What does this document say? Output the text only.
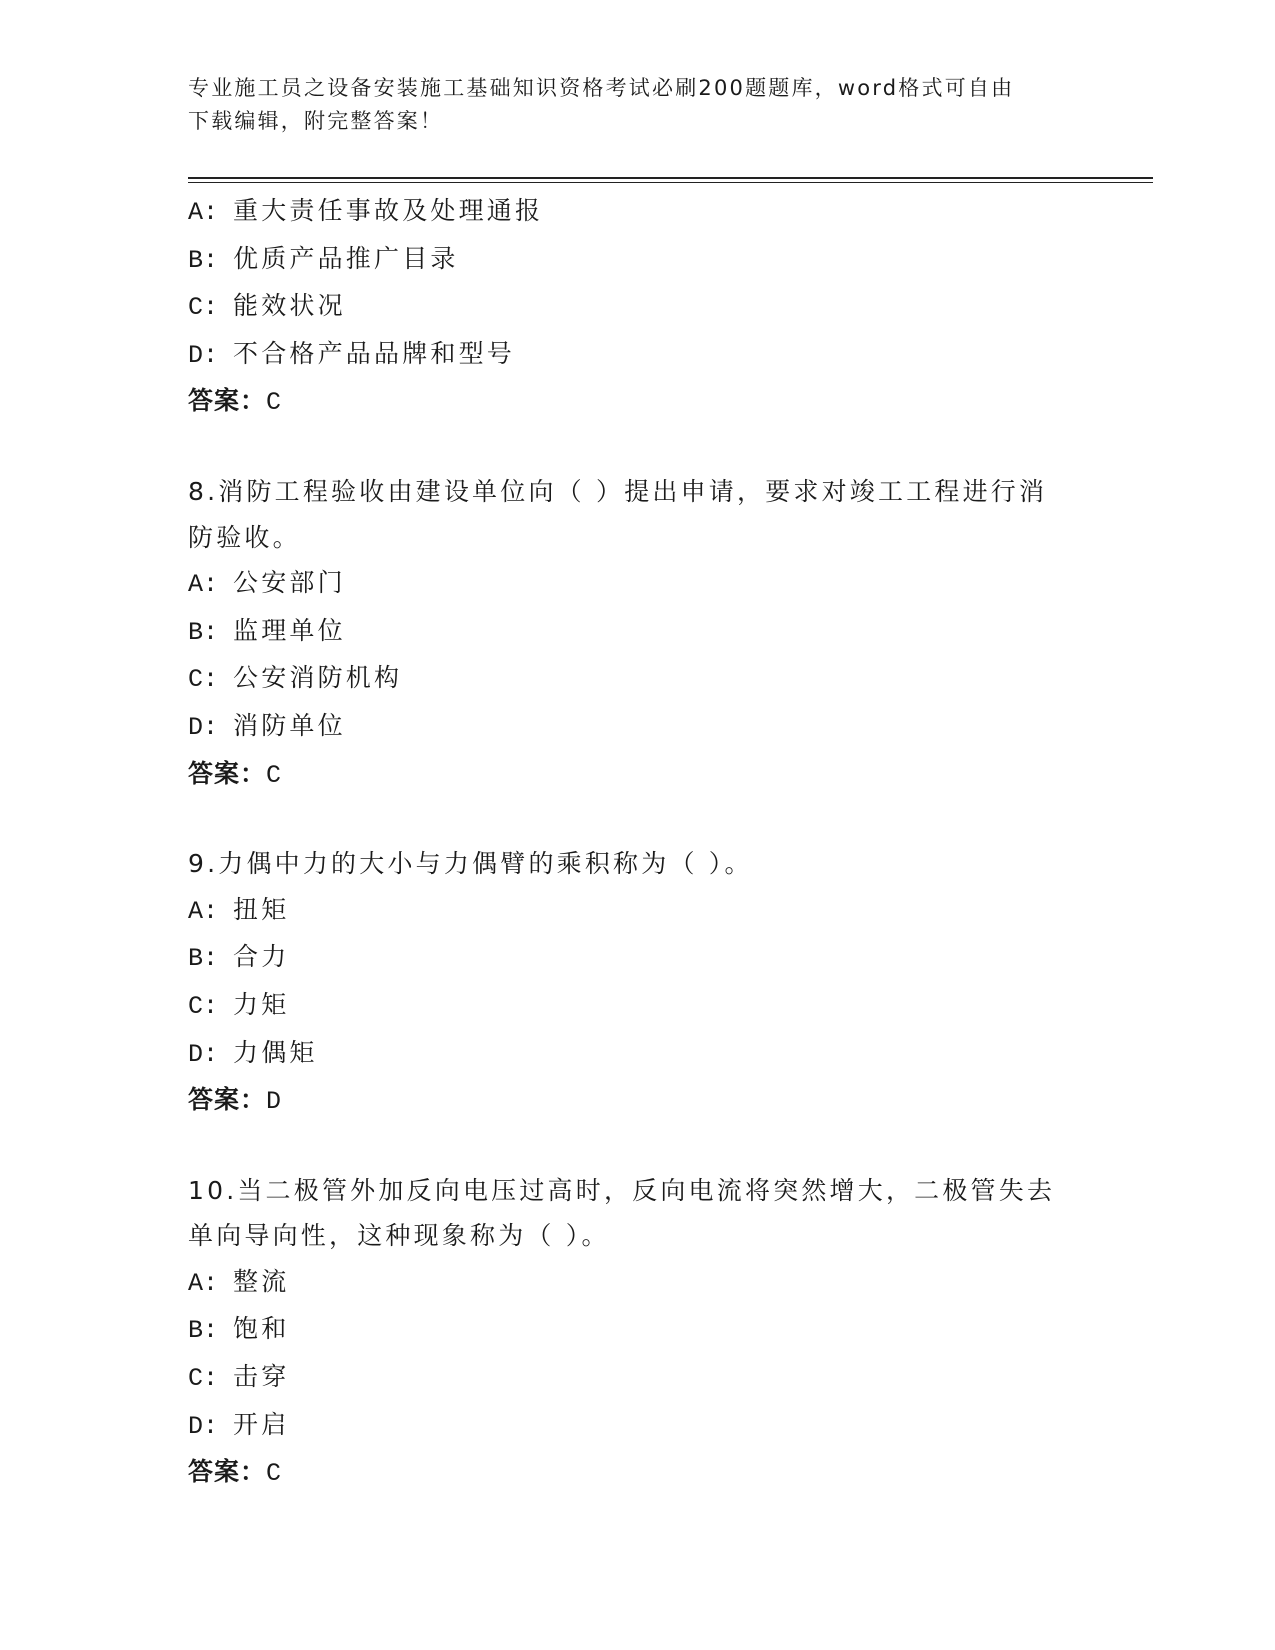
专业施工员之设备安装施工基础知识资格考试必刷200题题库，word格式可自由
下载编辑，附完整答案！
A: 重大责任事故及处理通报
B: 优质产品推广目录
C: 能效状况
D: 不合格产品品牌和型号
答案：C
8.消防工程验收由建设单位向（ ）提出申请，要求对竣工工程进行消
防验收。
A: 公安部门
B: 监理单位
C: 公安消防机构
D: 消防单位
答案：C
9.力偶中力的大小与力偶臂的乘积称为（ ）。
A: 扭矩
B: 合力
C: 力矩
D: 力偶矩
答案：D
10.当二极管外加反向电压过高时，反向电流将突然增大，二极管失去
单向导向性，这种现象称为（ ）。
A: 整流
B: 饱和
C: 击穿
D: 开启
答案：C
